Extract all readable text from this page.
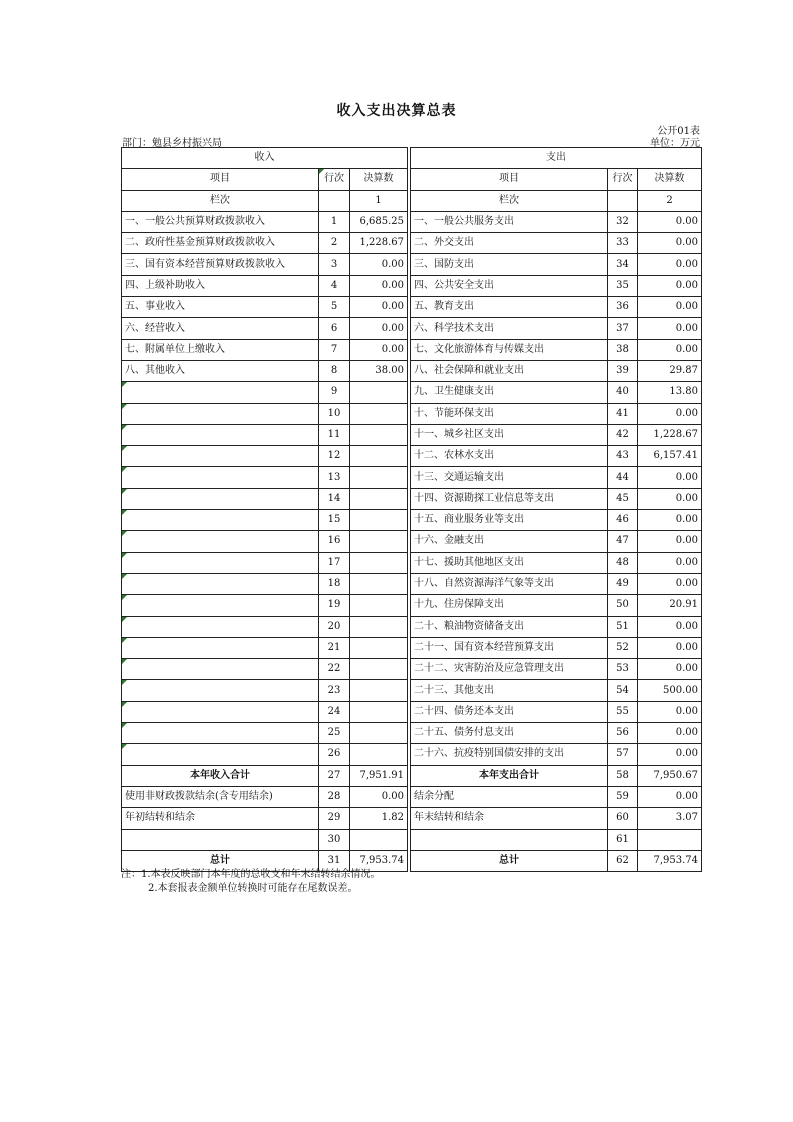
收入支出决算总表
公开01表
部门：勉县乡村振兴局	单位：万元
收入				支出		
项目	行次	决算数		项目	行次	决算数
栏次		1		栏次		2
一、一般公共预算财政拨款收入	1	6,685.25		一、一般公共服务支出	32	0.00
二、政府性基金预算财政拨款收入	2	1,228.67		二、外交支出	33	0.00
三、国有资本经营预算财政拨款收入	3	0.00		三、国防支出	34	0.00
四、上级补助收入	4	0.00		四、公共安全支出	35	0.00
五、事业收入	5	0.00		五、教育支出	36	0.00
六、经营收入	6	0.00		六、科学技术支出	37	0.00
七、附属单位上缴收入	7	0.00		七、文化旅游体育与传媒支出	38	0.00
八、其他收入	8	38.00		八、社会保障和就业支出	39	29.87
	9			九、卫生健康支出	40	13.80
	10			十、节能环保支出	41	0.00
	11			十一、城乡社区支出	42	1,228.67
	12			十二、农林水支出	43	6,157.41
	13			十三、交通运输支出	44	0.00
	14			十四、资源勘探工业信息等支出	45	0.00
	15			十五、商业服务业等支出	46	0.00
	16			十六、金融支出	47	0.00
	17			十七、援助其他地区支出	48	0.00
	18			十八、自然资源海洋气象等支出	49	0.00
	19			十九、住房保障支出	50	20.91
	20			二十、粮油物资储备支出	51	0.00
	21			二十一、国有资本经营预算支出	52	0.00
	22			二十二、灾害防治及应急管理支出	53	0.00
	23			二十三、其他支出	54	500.00
	24			二十四、债务还本支出	55	0.00
	25			二十五、债务付息支出	56	0.00
	26			二十六、抗疫特别国债安排的支出	57	0.00
本年收入合计	27	7,951.91		本年支出合计	58	7,950.67
使用非财政拨款结余(含专用结余)	28	0.00		结余分配	59	0.00
年初结转和结余	29	1.82		年末结转和结余	60	3.07
	30				61	
总计	31	7,953.74		总计	62	7,953.74
注：1.本表反映部门本年度的总收支和年末结转结余情况。
2.本套报表金额单位转换时可能存在尾数误差。
